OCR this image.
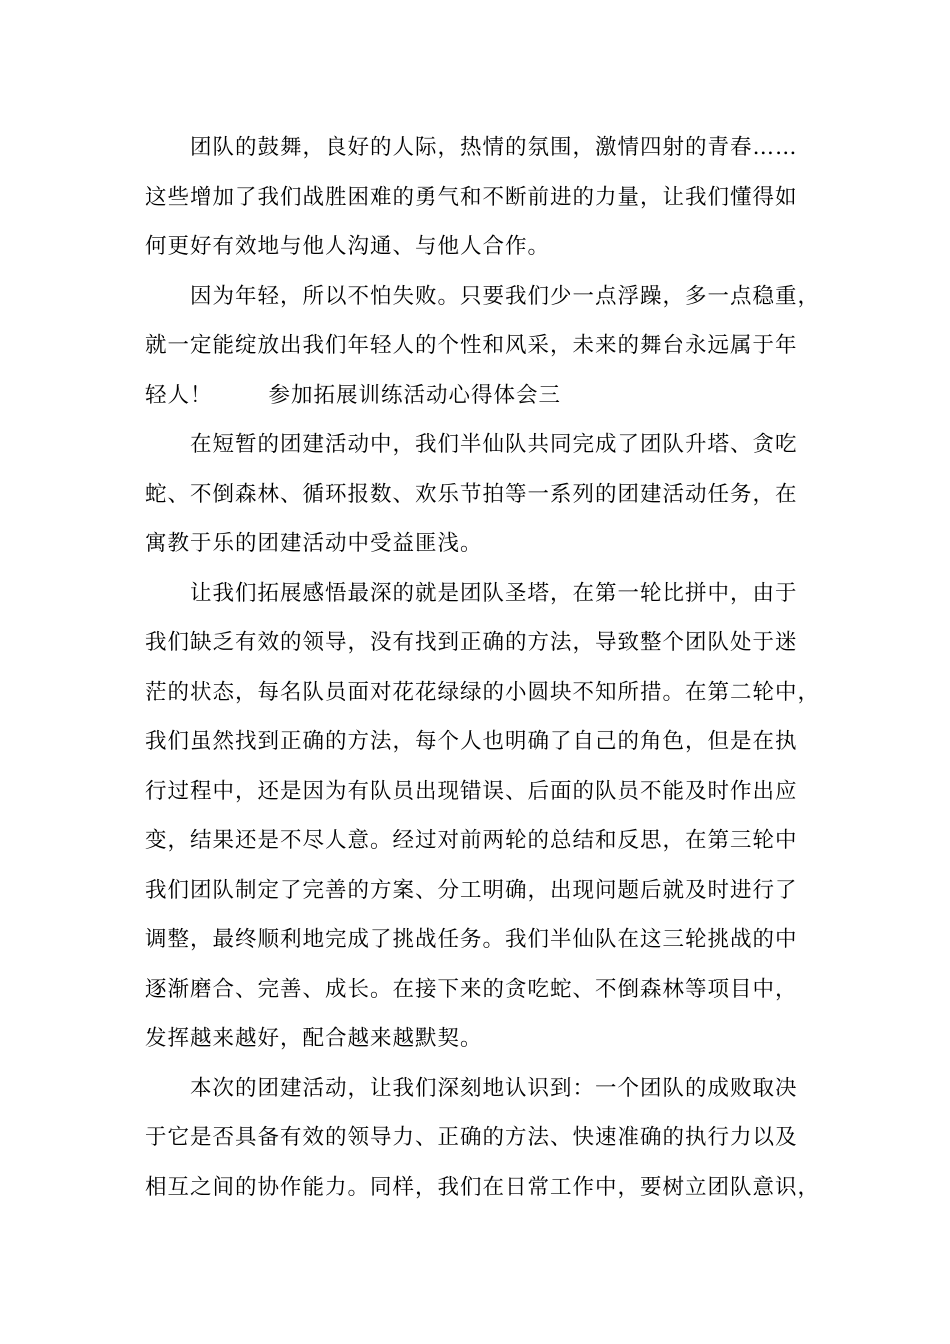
团队的鼓舞，良好的人际，热情的氛围，激情四射的青春……
这些增加了我们战胜困难的勇气和不断前进的力量，让我们懂得如
何更好有效地与他人沟通、与他人合作。
因为年轻，所以不怕失败。只要我们少一点浮躁，多一点稳重，
就一定能绽放出我们年轻人的个性和风采，未来的舞台永远属于年
轻人！	参加拓展训练活动心得体会三
在短暂的团建活动中，我们半仙队共同完成了团队升塔、贪吃
蛇、不倒森林、循环报数、欢乐节拍等一系列的团建活动任务，在
寓教于乐的团建活动中受益匪浅。
让我们拓展感悟最深的就是团队圣塔，在第一轮比拼中，由于
我们缺乏有效的领导，没有找到正确的方法，导致整个团队处于迷
茫的状态，每名队员面对花花绿绿的小圆块不知所措。在第二轮中，
我们虽然找到正确的方法，每个人也明确了自己的角色，但是在执
行过程中，还是因为有队员出现错误、后面的队员不能及时作出应
变，结果还是不尽人意。经过对前两轮的总结和反思，在第三轮中
我们团队制定了完善的方案、分工明确，出现问题后就及时进行了
调整，最终顺利地完成了挑战任务。我们半仙队在这三轮挑战的中
逐渐磨合、完善、成长。在接下来的贪吃蛇、不倒森林等项目中，
发挥越来越好，配合越来越默契。
本次的团建活动，让我们深刻地认识到：一个团队的成败取决
于它是否具备有效的领导力、正确的方法、快速准确的执行力以及
相互之间的协作能力。同样，我们在日常工作中，要树立团队意识，
